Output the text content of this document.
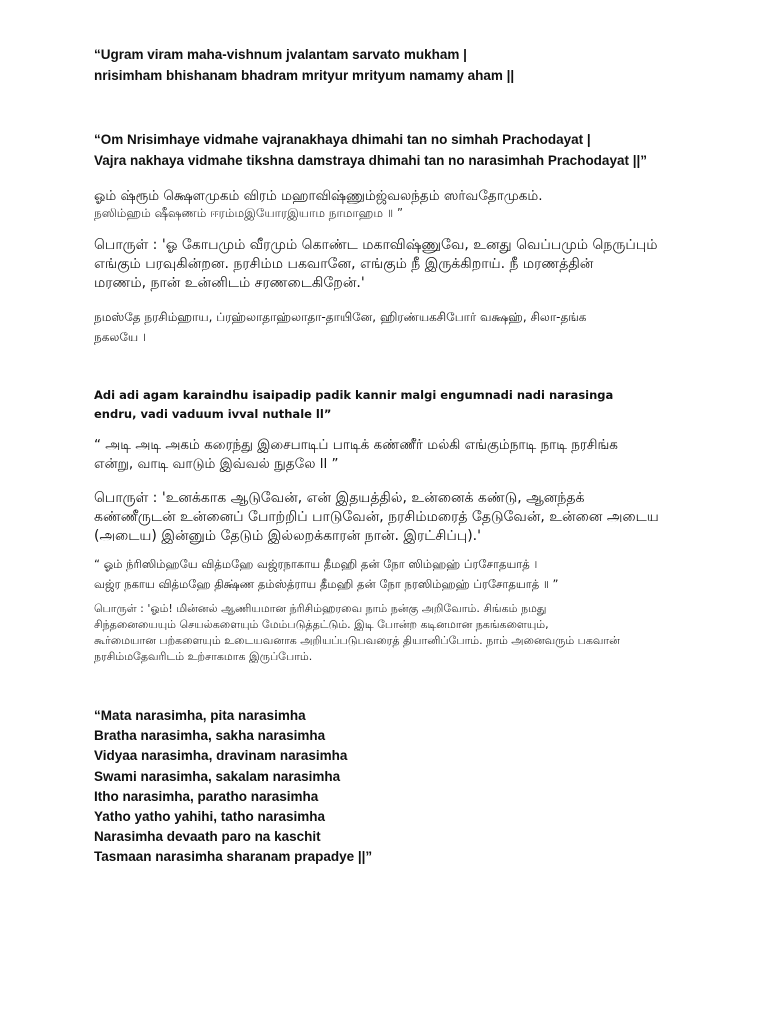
“Ugram viram maha-vishnum jvalantam sarvato mukham |
nrisimham bhishanam bhadram mrityur mrityum namamy aham ||
“Om Nrisimhaye vidmahe vajranakhaya dhimahi tan no simhah Prachodayat |
Vajra nakhaya vidmahe tikshna damstraya dhimahi tan no narasimhah Prachodayat ||”
ஓம் ஷ்ரூம் க்ஷௌமுகம் விரம் மஹாவிஷ்ணும்ஜ்வலந்தம் ஸர்வதோமுகம்.
நஸிம்ஹம் ஷீஷணம் ஈரம்மஇயோரஇயாம நாமாஹம ॥ ”
பொருள் : 'ஓ கோபமும் வீரமும் கொண்ட மகாவிஷ்ணுவே, உனது வெப்பமும் நெருப்பும்
எங்கும் பரவுகின்றன. நரசிம்ம பகவானே, எங்கும் நீ இருக்கிறாய். நீ மரணத்தின்
மரணம், நான் உன்னிடம் சரணடைகிறேன்.'
நமஸ்தே நரசிம்ஹாய, ப்ரஹ்லாதாஹ்லாதா-தாயினே, ஹிரண்யகசிபோர் வக்ஷஹ், சிலா-தங்க
நகலயே ।
Adi adi agam karaindhu isaipadip padik kannir malgi engumnadi nadi narasinga
endru, vadi vaduum ivval nuthale ll”
“ அடி அடி அகம் கரைந்து இசைபாடிப் பாடிக் கண்ணீர் மல்கி எங்கும்நாடி நாடி நரசிங்க
என்று, வாடி வாடும் இவ்வல் நுதலே ll ”
பொருள் : 'உனக்காக ஆடுவேன், என் இதயத்தில், உன்னைக் கண்டு, ஆனந்தக்
கண்ணீருடன் உன்னைப் போற்றிப் பாடுவேன், நரசிம்மரைத் தேடுவேன், உன்னை அடைய
(அடைய) இன்னும் தேடும் இல்லறக்காரன் நான். இரட்சிப்பு).'
“ ஓம் ந்ரிஸிம்ஹயே வித்மஹே வஜ்ரநாகாய தீமஹி தன் நோ ஸிம்ஹஹ் ப்ரசோதயாத் ।
வஜ்ர நகாய வித்மஹே திக்ஷ்ண தம்ஸ்த்ராய தீமஹி தன் நோ நரஸிம்ஹஹ் ப்ரசோதயாத் ॥ ”
பொருள் : 'ஓம்! மின்னல் ஆணியமான ந்ரிசிம்ஹரவை நாம் நன்கு அறிவோம். சிங்கம் நமது
சிந்தனையையும் செயல்களையும் மேம்படுத்தட்டும். இடி போன்ற கடினமான நகங்களையும்,
கூர்மையான பற்களையும் உடையவனாக அறியப்படுபவரைத் தியானிப்போம். நாம் அனைவரும் பகவான்
நரசிம்மதேவரிடம் உற்சாகமாக இருப்போம்.
“Mata narasimha, pita narasimha
Bratha narasimha, sakha narasimha
Vidyaa narasimha, dravinam narasimha
Swami narasimha, sakalam narasimha
Itho narasimha, paratho narasimha
Yatho yatho yahihi, tatho narasimha
Narasimha devaath paro na kaschit
Tasmaan narasimha sharanam prapadye ||”
